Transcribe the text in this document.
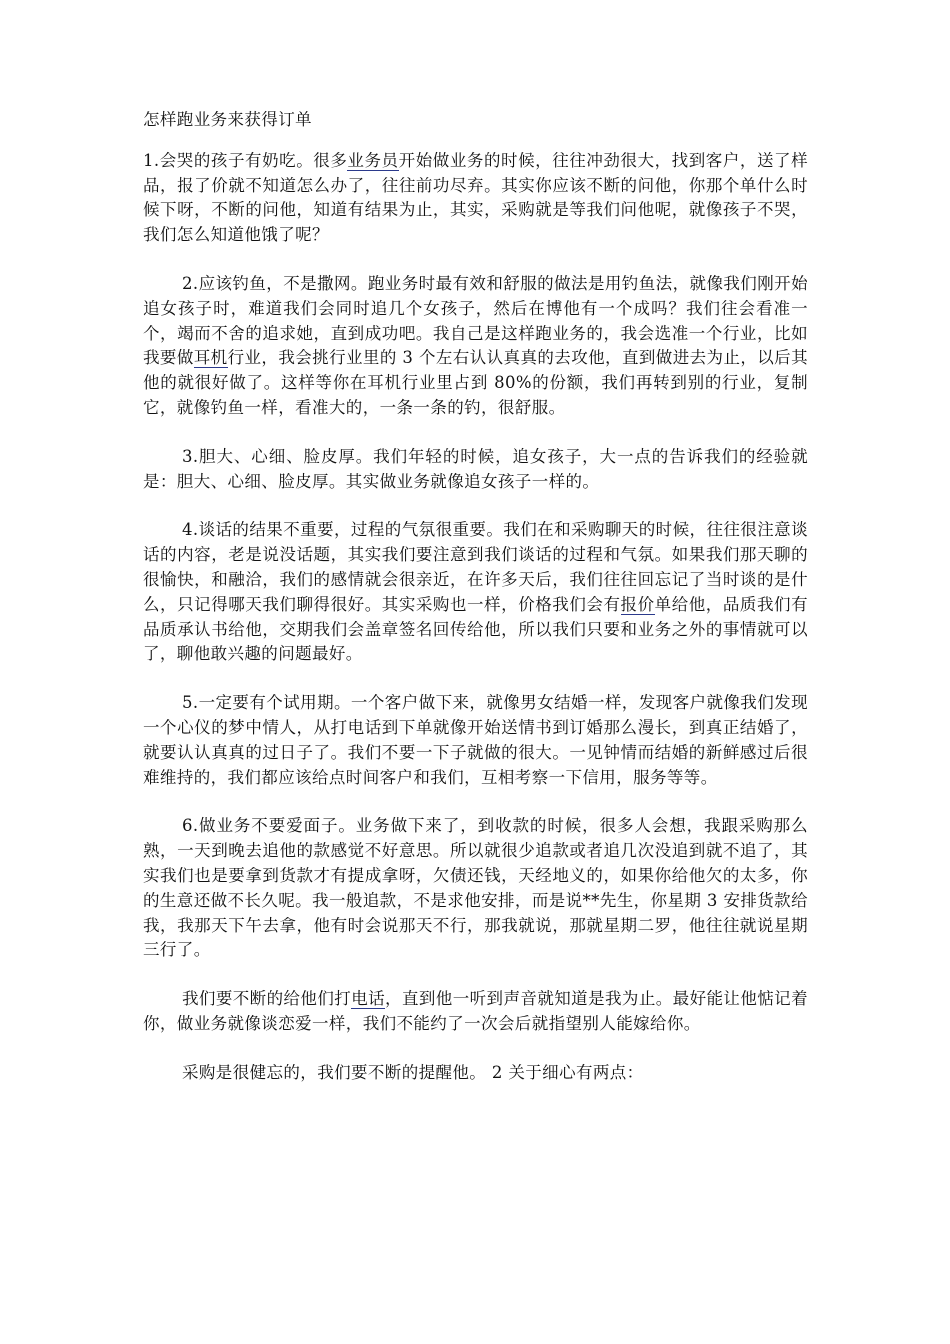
怎样跑业务来获得订单

1.会哭的孩子有奶吃。很多业务员开始做业务的时候，往往冲劲很大，找到客户，送了样品，报了价就不知道怎么办了，往往前功尽弃。其实你应该不断的问他，你那个单什么时候下呀，不断的问他，知道有结果为止，其实，采购就是等我们问他呢，就像孩子不哭，我们怎么知道他饿了呢？

2.应该钓鱼，不是撒网。跑业务时最有效和舒服的做法是用钓鱼法，就像我们刚开始追女孩子时，难道我们会同时追几个女孩子，然后在博他有一个成吗？我们往会看准一个，竭而不舍的追求她，直到成功吧。我自己是这样跑业务的，我会选准一个行业，比如我要做耳机行业，我会挑行业里的 3 个左右认认真真的去攻他，直到做进去为止，以后其他的就很好做了。这样等你在耳机行业里占到 80%的份额，我们再转到别的行业，复制它，就像钓鱼一样，看准大的，一条一条的钓，很舒服。

3.胆大、心细、脸皮厚。我们年轻的时候，追女孩子，大一点的告诉我们的经验就是：胆大、心细、脸皮厚。其实做业务就像追女孩子一样的。

4.谈话的结果不重要，过程的气氛很重要。我们在和采购聊天的时候，往往很注意谈话的内容，老是说没话题，其实我们要注意到我们谈话的过程和气氛。如果我们那天聊的很愉快，和融洽，我们的感情就会很亲近，在许多天后，我们往往回忘记了当时谈的是什么，只记得哪天我们聊得很好。其实采购也一样，价格我们会有报价单给他，品质我们有品质承认书给他，交期我们会盖章签名回传给他，所以我们只要和业务之外的事情就可以了，聊他敢兴趣的问题最好。

5.一定要有个试用期。一个客户做下来，就像男女结婚一样，发现客户就像我们发现一个心仪的梦中情人，从打电话到下单就像开始送情书到订婚那么漫长，到真正结婚了，就要认认真真的过日子了。我们不要一下子就做的很大。一见钟情而结婚的新鲜感过后很难维持的，我们都应该给点时间客户和我们，互相考察一下信用，服务等等。

6.做业务不要爱面子。业务做下来了，到收款的时候，很多人会想，我跟采购那么熟，一天到晚去追他的款感觉不好意思。所以就很少追款或者追几次没追到就不追了，其实我们也是要拿到货款才有提成拿呀，欠债还钱，天经地义的，如果你给他欠的太多，你的生意还做不长久呢。我一般追款，不是求他安排，而是说**先生，你星期 3 安排货款给我，我那天下午去拿，他有时会说那天不行，那我就说，那就星期二罗，他往往就说星期三行了。

我们要不断的给他们打电话，直到他一听到声音就知道是我为止。最好能让他惦记着你，做业务就像谈恋爱一样，我们不能约了一次会后就指望别人能嫁给你。

采购是很健忘的，我们要不断的提醒他。 2 关于细心有两点：
